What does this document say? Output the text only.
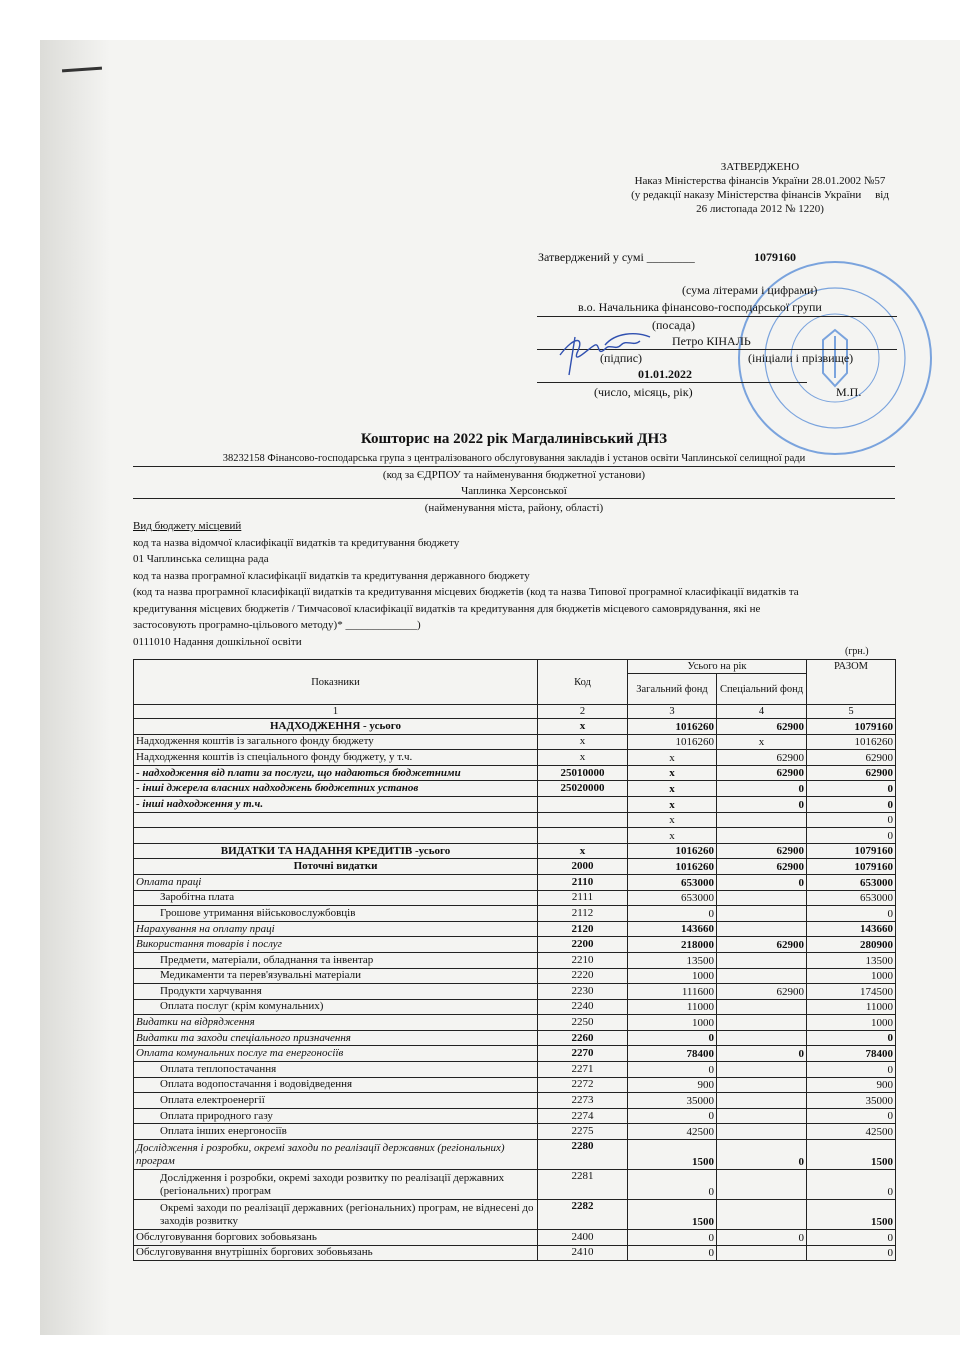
ЗАТВЕРДЖЕНО
Наказ Міністерства фінансів України 28.01.2002 №57
(у редакції наказу Міністерства фінансів України     від
26 листопада 2012 № 1220)
Затверджений у сумі ________	1079160
(сума літерами і цифрами)
в.о. Начальника фінансово-господарської групи
(посада)
Петро КІНАЛЬ
(підпис)	(ініціали і прізвище)
01.01.2022
(число, місяць, рік)	М.П.
Кошторис на 2022 рік Магдалинівський ДНЗ
38232158 Фінансово-господарська група з централізованого обслуговування закладів і установ освіти Чаплинської селищної ради
(код за ЄДРПОУ та найменування бюджетної установи)
Чаплинка Херсонської
(найменування міста, району, області)
Вид бюджету місцевий
код та назва відомчої класифікації видатків та кредитування бюджету
01 Чаплинська селищна рада
код та назва програмної класифікації видатків та кредитування державного бюджету
(код та назва програмної класифікації видатків та кредитування місцевих бюджетів (код та назва Типової програмної класифікації видатків та
кредитування місцевих бюджетів / Тимчасової класифікації видатків та кредитування для бюджетів місцевого самоврядування, які не
застосовують програмно-цільового методу)* _____________)
0111010 Надання дошкільної освіти
(грн.)
Показники	Код	Усього на рік		РАЗОМ
		Загальний фонд	Спеціальний фонд	
1	2	3	4	5
НАДХОДЖЕННЯ - усього	х	1016260	62900	1079160
Надходження коштів із загального фонду бюджету	х	1016260	х	1016260
Надходження коштів із спеціального фонду бюджету, у т.ч.	х	х	62900	62900
- надходження від плати за послуги, що надаються бюджетними	25010000	х	62900	62900
- інші джерела власних надходжень бюджетних установ	25020000	х	0	0
- інші надходження у т.ч.		х	0	0
		х		0
		х		0
ВИДАТКИ ТА НАДАННЯ КРЕДИТІВ -усього	х	1016260	62900	1079160
Поточні видатки	2000	1016260	62900	1079160
Оплата праці	2110	653000	0	653000
Заробітна плата	2111	653000		653000
Грошове утримання військовослужбовців	2112	0		0
Нарахування на оплату праці	2120	143660		143660
Використання товарів і послуг	2200	218000	62900	280900
Предмети, матеріали, обладнання та інвентар	2210	13500		13500
Медикаменти та перев'язувальні матеріали	2220	1000		1000
Продукти харчування	2230	111600	62900	174500
Оплата послуг (крім комунальних)	2240	11000		11000
Видатки на відрядження	2250	1000		1000
Видатки та заходи спеціального призначення	2260	0		0
Оплата комунальних послуг та енергоносіїв	2270	78400	0	78400
Оплата теплопостачання	2271	0		0
Оплата водопостачання і водовідведення	2272	900		900
Оплата електроенергії	2273	35000		35000
Оплата природного газу	2274	0		0
Оплата інших енергоносіїв	2275	42500		42500
Дослідження і розробки, окремі заходи по реалізації державних (регіональних) програм	2280	1500	0	1500
Дослідження і розробки, окремі заходи розвитку по реалізації державних (регіональних) програм	2281	0		0
Окремі заходи по реалізації державних (регіональних) програм, не віднесені до заходів розвитку	2282	1500		1500
Обслуговування боргових зобовьязань	2400	0	0	0
Обслуговування внутрішніх боргових зобовьязань	2410	0		0
